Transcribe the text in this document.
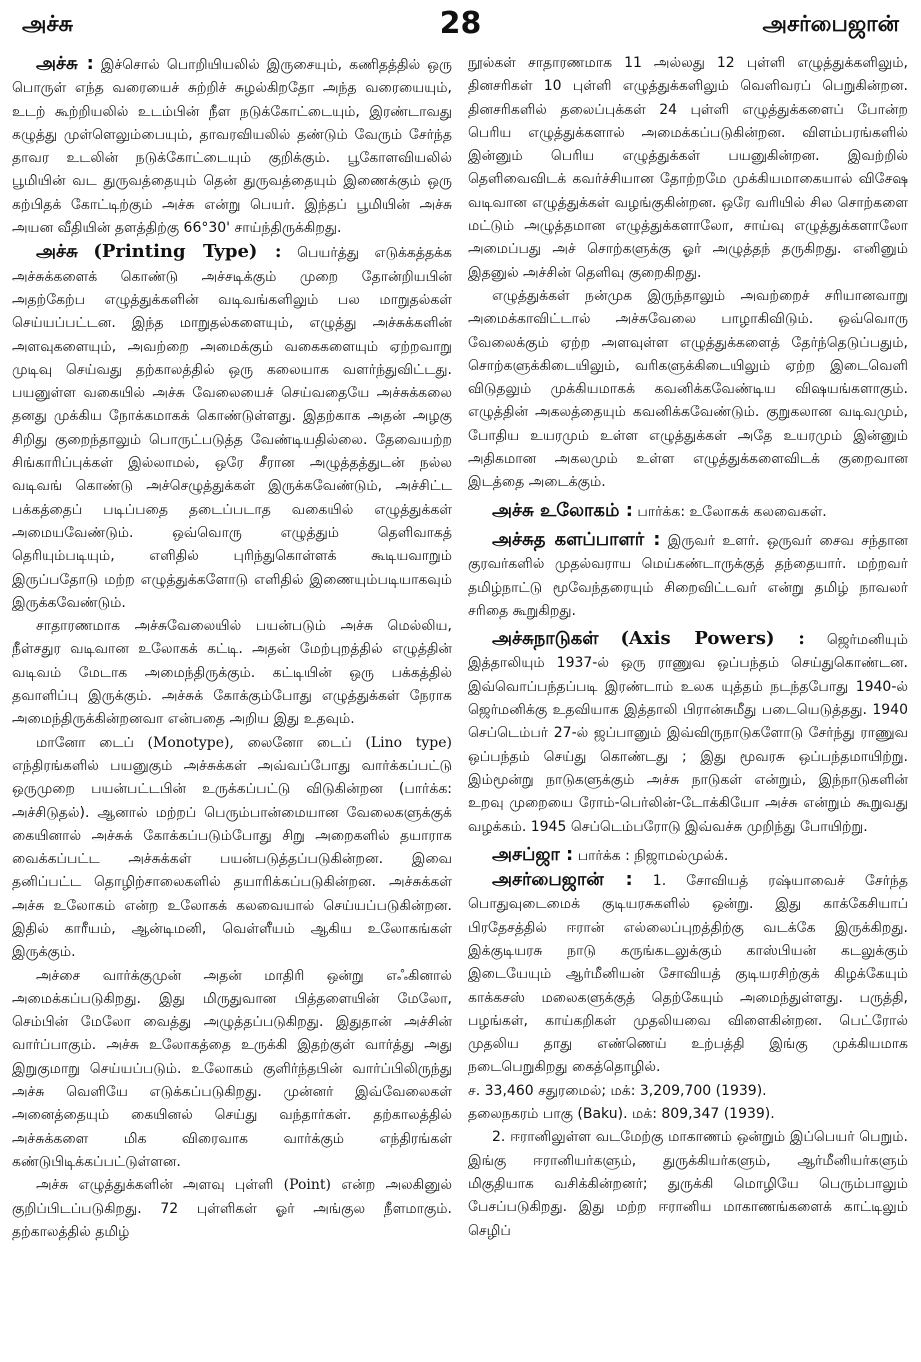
அச்சு	28	அசர்பைஜான்

அச்சு : இச்சொல் பொறியியலில் இருசையும், கணிதத்தில் ஒரு பொருள் எந்த வரையைச் சுற்றிச் சுழல்கிறதோ அந்த வரையையும், உடற் கூற்றியலில் உடம்பின் நீள நடுக்கோட்டையும், இரண்டாவது கழுத்து முள்ளெலும்பையும், தாவரவியலில் தண்டும் வேரும் சேர்ந்த தாவர உடலின் நடுக்கோட்டையும் குறிக்கும். பூகோளவியலில் பூமியின் வட துருவத்தையும் தென் துருவத்தையும் இணைக்கும் ஒரு கற்பிதக் கோட்டிற்கும் அச்சு என்று பெயர். இந்தப் பூமியின் அச்சு அயன வீதியின் தளத்திற்கு 66°30' சாய்ந்திருக்கிறது.

அச்சு (Printing Type) : பெயர்த்து எடுக்கத்தக்க அச்சுக்களைக் கொண்டு அச்சடிக்கும் முறை தோன்றியபின் அதற்கேற்ப எழுத்துக்களின் வடிவங்களிலும் பல மாறுதல்கள் செய்யப்பட்டன. இந்த மாறுதல்களையும், எழுத்து அச்சுக்களின் அளவுகளையும், அவற்றை அமைக்கும் வகைகளையும் ஏற்றவாறு முடிவு செய்வது தற்காலத்தில் ஒரு கலையாக வளர்ந்துவிட்டது. பயனுள்ள வகையில் அச்சு வேலையைச் செய்வதையே அச்சுக்கலை தனது முக்கிய நோக்கமாகக் கொண்டுள்ளது. இதற்காக அதன் அழகு சிறிது குறைந்தாலும் பொருட்படுத்த வேண்டியதில்லை. தேவையற்ற சிங்காரிப்புக்கள் இல்லாமல், ஒரே சீரான அழுத்தத்துடன் நல்ல வடிவங் கொண்டு அச்செழுத்துக்கள் இருக்கவேண்டும், அச்சிட்ட பக்கத்தைப் படிப்பதை தடைப்படாத வகையில் எழுத்துக்கள் அமையவேண்டும். ஒவ்வொரு எழுத்தும் தெளிவாகத் தெரியும்படியும், எளிதில் புரிந்துகொள்ளக் கூடியவாறும் இருப்பதோடு மற்ற எழுத்துக்களோடு எளிதில் இணையும்படியாகவும் இருக்கவேண்டும்.

சாதாரணமாக அச்சுவேலையில் பயன்படும் அச்சு மெல்லிய, நீள்சதுர வடிவான உலோகக் கட்டி. அதன் மேற்புறத்தில் எழுத்தின் வடிவம் மேடாக அமைந்திருக்கும். கட்டியின் ஒரு பக்கத்தில் தவாளிப்பு இருக்கும். அச்சுக் கோக்கும்போது எழுத்துக்கள் நேராக அமைந்திருக்கின்றனவா என்பதை அறிய இது உதவும்.

மானோ டைப் (Monotype), லைனோ டைப் (Lino type) எந்திரங்களில் பயனுகும் அச்சுக்கள் அவ்வப்போது வார்க்கப்பட்டு ஒருமுறை பயன்பட்டபின் உருக்கப்பட்டு விடுகின்றன (பார்க்க: அச்சிடுதல்). ஆனால் மற்றப் பெரும்பான்மையான வேலைகளுக்குக் கையினால் அச்சுக் கோக்கப்படும்போது சிறு அறைகளில் தயாராக வைக்கப்பட்ட அச்சுக்கள் பயன்படுத்தப்படுகின்றன. இவை தனிப்பட்ட தொழிற்சாலைகளில் தயாரிக்கப்படுகின்றன. அச்சுக்கள் அச்சு உலோகம் என்ற உலோகக் கலவையால் செய்யப்படுகின்றன. இதில் காரீயம், ஆன்டிமனி, வெள்ளீயம் ஆகிய உலோகங்கள் இருக்கும்.

அச்சை வார்க்குமுன் அதன் மாதிரி ஒன்று எஃகினால் அமைக்கப்படுகிறது. இது மிருதுவான பித்தளையின் மேலோ, செம்பின் மேலோ வைத்து அழுத்தப்படுகிறது. இதுதான் அச்சின் வார்ப்பாகும். அச்சு உலோகத்தை உருக்கி இதற்குள் வார்த்து அது இறுகுமாறு செய்யப்படும். உலோகம் குளிர்ந்தபின் வார்ப்பிலிருந்து அச்சு வெளியே எடுக்கப்படுகிறது. முன்னர் இவ்வேலைகள் அனைத்தையும் கையினல் செய்து வந்தார்கள். தற்காலத்தில் அச்சுக்களை மிக விரைவாக வார்க்கும் எந்திரங்கள் கண்டுபிடிக்கப்பட்டுள்ளன.

அச்சு எழுத்துக்களின் அளவு புள்ளி (Point) என்ற அலகினுல் குறிப்பிடப்படுகிறது. 72 புள்ளிகள் ஓர் அங்குல நீளமாகும். தற்காலத்தில் தமிழ்

நூல்கள் சாதாரணமாக 11 அல்லது 12 புள்ளி எழுத்துக்களிலும், தினசரிகள் 10 புள்ளி எழுத்துக்களிலும் வெளிவரப் பெறுகின்றன. தினசரிகளில் தலைப்புக்கள் 24 புள்ளி எழுத்துக்களைப் போன்ற பெரிய எழுத்துக்களால் அமைக்கப்படுகின்றன. விளம்பரங்களில் இன்னும் பெரிய எழுத்துக்கள் பயனுகின்றன. இவற்றில் தெளிவைவிடக் கவர்ச்சியான தோற்றமே முக்கியமாகையால் விசேஷ வடிவான எழுத்துக்கள் வழங்குகின்றன. ஒரே வரியில் சில சொற்களை மட்டும் அழுத்தமான எழுத்துக்களாலோ, சாய்வு எழுத்துக்களாலோ அமைப்பது அச் சொற்களுக்கு ஓர் அழுத்தந் தருகிறது. எனினும் இதனுல் அச்சின் தெளிவு குறைகிறது.

எழுத்துக்கள் நன்முக இருந்தாலும் அவற்றைச் சரியானவாறு அமைக்காவிட்டால் அச்சுவேலை பாழாகிவிடும். ஒவ்வொரு வேலைக்கும் ஏற்ற அளவுள்ள எழுத்துக்களைத் தேர்ந்தெடுப்பதும், சொற்களுக்கிடையிலும், வரிகளுக்கிடையிலும் ஏற்ற இடைவெளி விடுதலும் முக்கியமாகக் கவனிக்கவேண்டிய விஷயங்களாகும். எழுத்தின் அகலத்தையும் கவனிக்கவேண்டும். குறுகலான வடிவமும், போதிய உயரமும் உள்ள எழுத்துக்கள் அதே உயரமும் இன்னும் அதிகமான அகலமும் உள்ள எழுத்துக்களைவிடக் குறைவான இடத்தை அடைக்கும்.

அச்சு உலோகம் : பார்க்க: உலோகக் கலவைகள்.

அச்சுத களப்பாளர் : இருவர் உளர். ஒருவர் சைவ சந்தான குரவர்களில் முதல்வராய மெய்கண்டாருக்குத் தந்தையார். மற்றவர் தமிழ்நாட்டு மூவேந்தரையும் சிறைவிட்டவர் என்று தமிழ் நாவலர் சரிதை கூறுகிறது.

அச்சுநாடுகள் (Axis Powers) : ஜெர்மனியும் இத்தாலியும் 1937-ல் ஒரு ராணுவ ஒப்பந்தம் செய்துகொண்டன. இவ்வொப்பந்தப்படி இரண்டாம் உலக யுத்தம் நடந்தபோது 1940-ல் ஜெர்மனிக்கு உதவியாக இத்தாலி பிரான்சுமீது படையெடுத்தது. 1940 செப்டெம்பர் 27-ல் ஜப்பானும் இவ்விருநாடுகளோடு சேர்ந்து ராணுவ ஒப்பந்தம் செய்து கொண்டது ; இது மூவரசு ஒப்பந்தமாயிற்று. இம்மூன்று நாடுகளுக்கும் அச்சு நாடுகள் என்றும், இந்நாடுகளின் உறவு முறையை ரோம்-பெர்லின்-டோக்கியோ அச்சு என்றும் கூறுவது வழக்கம். 1945 செப்டெம்பரோடு இவ்வச்சு முறிந்து போயிற்று.

அசப்ஜா : பார்க்க : நிஜாமல்முல்க்.

அசர்பைஜான் : 1. சோவியத் ரஷ்யாவைச் சேர்ந்த பொதுவுடைமைக் குடியரசுகளில் ஒன்று. இது காக்கேசியாப் பிரதேசத்தில் ஈரான் எல்லைப்புறத்திற்கு வடக்கே இருக்கிறது. இக்குடியரசு நாடு கருங்கடலுக்கும் காஸ்பியன் கடலுக்கும் இடையேயும் ஆர்மீனியன் சோவியத் குடியரசிற்குக் கிழக்கேயும் காக்கசஸ் மலைகளுக்குத் தெற்கேயும் அமைந்துள்ளது. பருத்தி, பழங்கள், காய்கறிகள் முதலியவை விளைகின்றன. பெட்ரோல் முதலிய தாது எண்ணெய் உற்பத்தி இங்கு முக்கியமாக நடைபெறுகிறது கைத்தொழில்.

ச. 33,460 சதுரமைல்; மக்: 3,209,700 (1939).

தலைநகரம் பாகு (Baku). மக்: 809,347 (1939).

2. ஈரானிலுள்ள வடமேற்கு மாகாணம் ஒன்றும் இப்பெயர் பெறும். இங்கு ஈரானியர்களும், துருக்கியர்களும், ஆர்மீனியர்களும் மிகுதியாக வசிக்கின்றனர்; துருக்கி மொழியே பெரும்பாலும் பேசப்படுகிறது. இது மற்ற ஈரானிய மாகாணங்களைக் காட்டிலும் செழிப்
